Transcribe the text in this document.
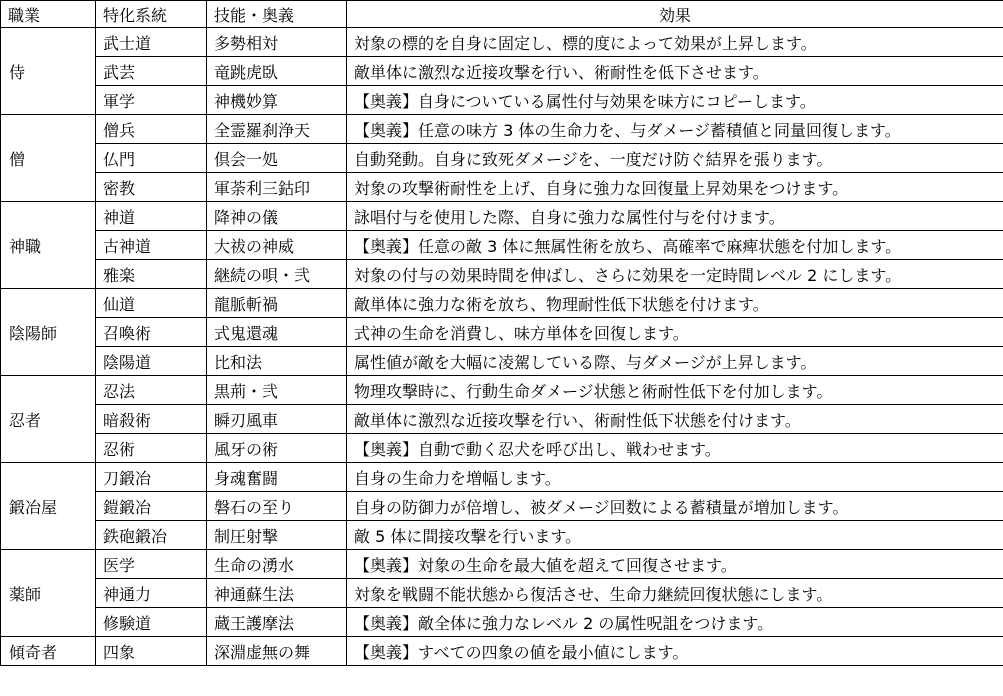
職業	特化系統	技能・奥義	効果
侍	武士道	多勢相対	対象の標的を自身に固定し、標的度によって効果が上昇します。
	武芸	竜跳虎臥	敵単体に激烈な近接攻撃を行い、術耐性を低下させます。
	軍学	神機妙算	【奥義】自身についている属性付与効果を味方にコピーします。
僧	僧兵	全霊羅刹浄天	【奥義】任意の味方 3 体の生命力を、与ダメージ蓄積値と同量回復します。
	仏門	倶会一処	自動発動。自身に致死ダメージを、一度だけ防ぐ結界を張ります。
	密教	軍荼利三鈷印	対象の攻撃術耐性を上げ、自身に強力な回復量上昇効果をつけます。
神職	神道	降神の儀	詠唱付与を使用した際、自身に強力な属性付与を付けます。
	古神道	大祓の神威	【奥義】任意の敵 3 体に無属性術を放ち、高確率で麻痺状態を付加します。
	雅楽	継続の唄・弐	対象の付与の効果時間を伸ばし、さらに効果を一定時間レベル 2 にします。
陰陽師	仙道	龍脈斬禍	敵単体に強力な術を放ち、物理耐性低下状態を付けます。
	召喚術	式鬼還魂	式神の生命を消費し、味方単体を回復します。
	陰陽道	比和法	属性値が敵を大幅に凌駕している際、与ダメージが上昇します。
忍者	忍法	黒荊・弐	物理攻撃時に、行動生命ダメージ状態と術耐性低下を付加します。
	暗殺術	瞬刃風車	敵単体に激烈な近接攻撃を行い、術耐性低下状態を付けます。
	忍術	風牙の術	【奥義】自動で動く忍犬を呼び出し、戦わせます。
鍛冶屋	刀鍛冶	身魂奮闘	自身の生命力を増幅します。
	鎧鍛冶	磐石の至り	自身の防御力が倍増し、被ダメージ回数による蓄積量が増加します。
	鉄砲鍛冶	制圧射撃	敵 5 体に間接攻撃を行います。
薬師	医学	生命の湧水	【奥義】対象の生命を最大値を超えて回復させます。
	神通力	神通蘇生法	対象を戦闘不能状態から復活させ、生命力継続回復状態にします。
	修験道	蔵王護摩法	【奥義】敵全体に強力なレベル 2 の属性呪詛をつけます。
傾奇者	四象	深淵虚無の舞	【奥義】すべての四象の値を最小値にします。
